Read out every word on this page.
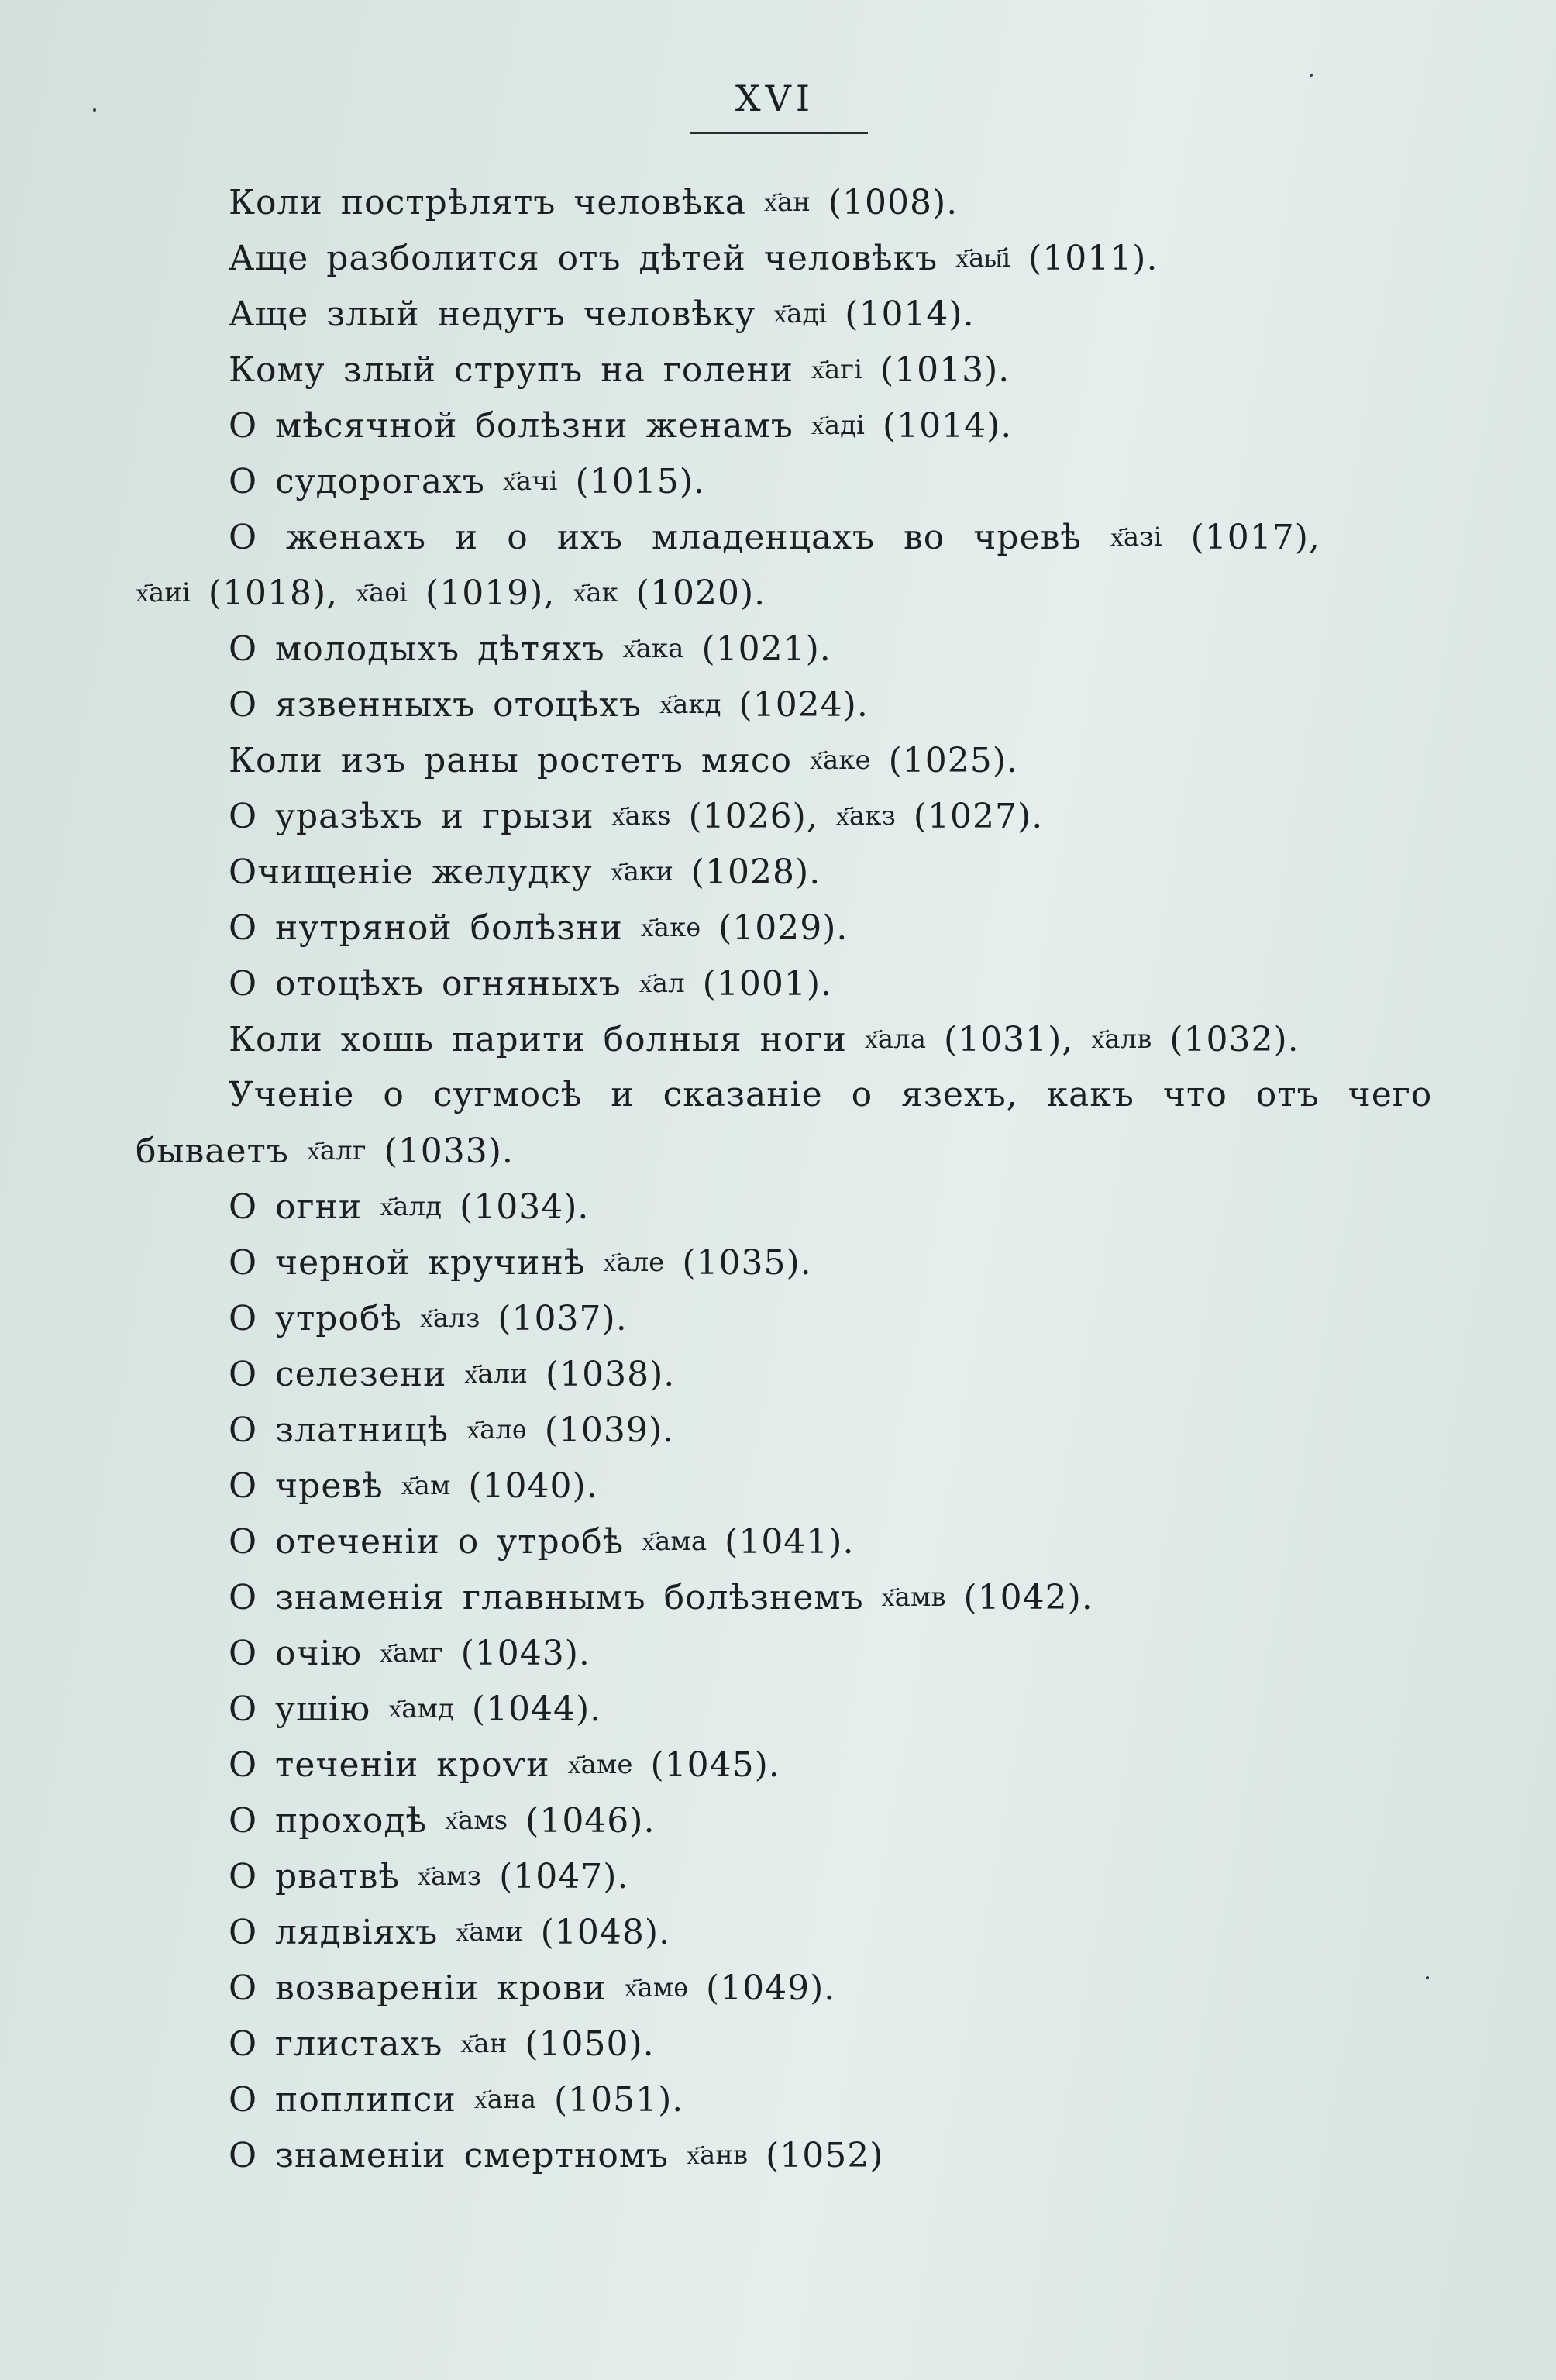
XVI
Коли пострѣлятъ человѣка х҃ан (1008).
Аще разболится отъ дѣтей человѣкъ х҃аы҃і (1011).
Аще злый недугъ человѣку х҃аді (1014).
Кому злый струпъ на голени х҃агі (1013).
О мѣсячной болѣзни женамъ х҃аді (1014).
О судорогахъ х҃ачі (1015).
О женахъ и о ихъ младенцахъ во чревѣ х҃азі (1017),
х҃аиі (1018), х҃аѳі (1019), х҃ак (1020).
О молодыхъ дѣтяхъ х҃ака (1021).
О язвенныхъ отоцѣхъ х҃акд (1024).
Коли изъ раны ростетъ мясо х҃аке (1025).
О уразѣхъ и грызи х҃акѕ (1026), х҃акз (1027).
Очищеніе желудку х҃аки (1028).
О нутряной болѣзни х҃акѳ (1029).
О отоцѣхъ огняныхъ х҃ал (1001).
Коли хошь парити болныя ноги х҃ала (1031), х҃алв (1032).
Ученіе о сугмосѣ и сказаніе о язехъ, какъ что отъ чего
бываетъ х҃алг (1033).
О огни х҃алд (1034).
О черной кручинѣ х҃але (1035).
О утробѣ х҃алз (1037).
О селезени х҃али (1038).
О златницѣ х҃алѳ (1039).
О чревѣ х҃ам (1040).
О отеченіи о утробѣ х҃ама (1041).
О знаменія главнымъ болѣзнемъ х҃амв (1042).
О очію х҃амг (1043).
О ушію х҃амд (1044).
О теченіи кроѵи х҃аме (1045).
О проходѣ х҃амѕ (1046).
О рватвѣ х҃амз (1047).
О лядвіяхъ х҃ами (1048).
О возвареніи крови х҃амѳ (1049).
О глистахъ х҃ан (1050).
О поплипси х҃ана (1051).
О знаменіи смертномъ х҃анв (1052)
